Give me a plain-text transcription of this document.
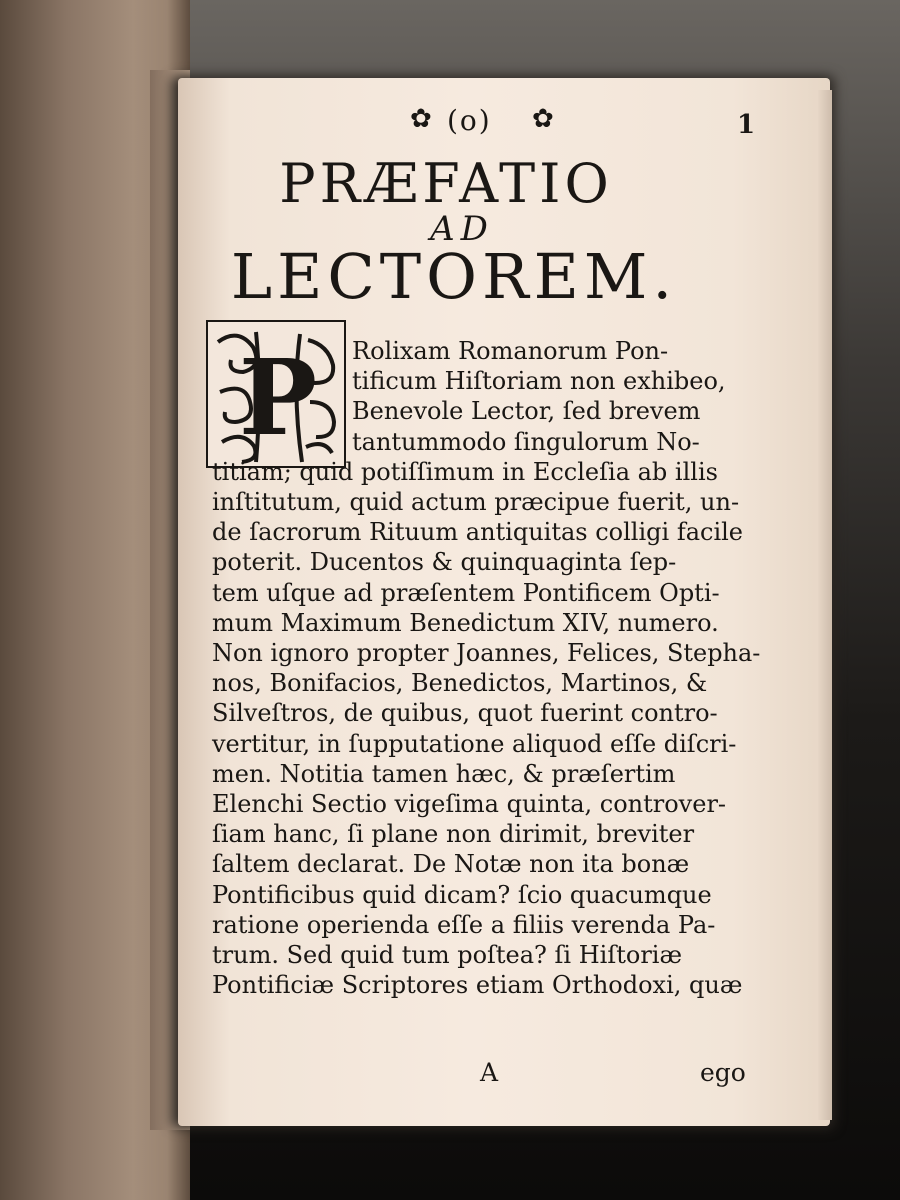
✿ (o) ✿	1
PRÆFATIO
AD
LECTOREM.
P Rolixam Romanorum Pon-
tificum Hiſtoriam non exhibeo,
Benevole Lector, ſed brevem
tantummodo ſingulorum No-
titiam; quid potiſſimum in Eccleſia ab illis
inſtitutum, quid actum præcipue fuerit, un-
de ſacrorum Rituum antiquitas colligi facile
poterit. Ducentos & quinquaginta ſep-
tem uſque ad præſentem Pontificem Opti-
mum Maximum Benedictum XIV, numero.
Non ignoro propter Joannes, Felices, Stepha-
nos, Bonifacios, Benedictos, Martinos, &
Silveſtros, de quibus, quot fuerint contro-
vertitur, in ſupputatione aliquod eſſe diſcri-
men. Notitia tamen hæc, & præſertim
Elenchi Sectio vigeſima quinta, controver-
ſiam hanc, ſi plane non dirimit, breviter
ſaltem declarat. De Notæ non ita bonæ
Pontificibus quid dicam? ſcio quacumque
ratione operienda eſſe a filiis verenda Pa-
trum. Sed quid tum poſtea? ſi Hiſtoriæ
Pontificiæ Scriptores etiam Orthodoxi, quæ
A	ego
